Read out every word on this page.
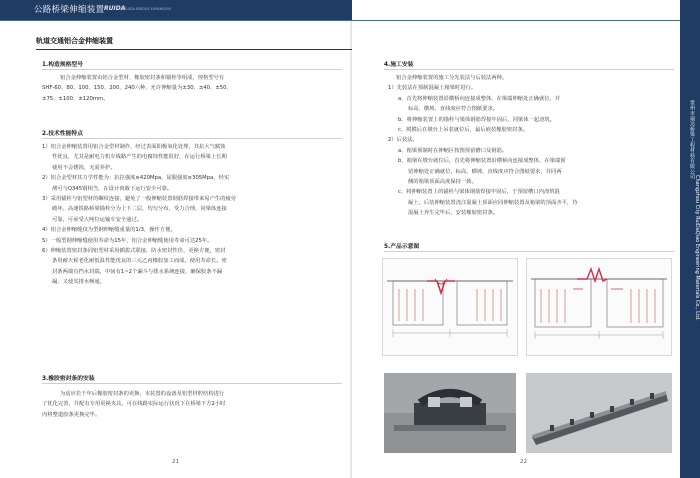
公路桥梁伸缩装置 RUIDA
RUIDA BRIDGE EXPANSION
轨道交通铝合金伸缩装置
1.构造规格型号
铝合金伸缩装置由铝合金型材、橡胶密封条和锚栓等组成，规格型号有
SHF-60、80、100、150、200、240六种，允许伸缩量为±30、±40、±50、
±75、±100、±120mm。
2.技术性能特点
1）铝合金伸缩装置用铝合金型材制作，经过表面阳极氧化处理，其抗大气腐蚀
性优良，尤其是耐电力机车线路产生的电腐蚀性能很好，在运行桥梁上长期
使用不会锈蚀，无需养护。
2）铝合金型材其力学性能为：抗拉强度≥420Mpa，屈服强度≥305Mpa，经实
测可与Q345钢相当，在设计荷载下运行安全可靠。
3）采用锚栓与铝型材的螺纹连接，避免了一般伸缩装置钢筋焊接带来易产生的疲劳
破坏。高速铁路桥梁锚栓分为上下二层，均匀分布，受力合理，同梁体连接
可靠，可承受大吨位运输车安全通过。
4）铝合金伸缩缝仅为型钢伸缩缝重量的1/3，操作方便。
5）一般型钢伸缩缝使用寿命为15年，铝合金伸缩缝使用寿命可达25年。
6）伸缩装置密封条同铝型材采用插拔式联接，防水密封性佳，更换方便，密封
条用耐天候老化耐低温性能优良的三元乙丙橡胶加工而成，使用寿命长。密
封条两端有挡水封端，中间有1~2个漏斗与排水系统连接，确保胶条不漏
漏，又使其排水畅通。
3.橡胶密封条的安装
为适应若干年后橡胶密封条的更换，本装置的设备及铝型材腔结构进行
了优化完善，并配有专用更换夹具，可在线路实际运行状况下在桥梁下方2小时
内将整道胶条更换完毕。
21
4.施工安装
铝合金伸缩装置的施工分先装法与后装法两种。
1）先装法在预制混凝土箱梁时进行。
a、首先将伸缩装置沿横桥向连接成整体，在梁端伸缩处正确就位，并
标高、横坡、直线度应符合图纸要求。
b、将伸缩装置上的锚栓与梁体钢筋焊接牢固后，同梁体一起浇筑。
c、脱模后在墩台上吊装就位后，最后嵌装橡胶密封条。
2）后装法。
a、箱梁预制时在伸缩区按图预留槽口及钢筋。
b、箱梁在墩台就位后，首先将伸缩装置沿横桥向连接成整体，在梁端预
留伸缩处正确就位，标高、横坡、直线度应符合图纸要求，并同两
侧的箱梁顶面高度保持一致。
c、将伸缩装置上的锚栓与梁体钢筋焊接牢固后，于预留槽口内浇筑混
凝土，后装伸缩装置浇注混凝土顶面应同伸缩装置及箱梁的顶面齐平，待
混凝土养生完毕后，安装橡胶密封条。
5.产品示意图
22
常州市瑞达桥梁工程材料有限公司
Changzhou City RuiDaQiao Engineering Materials Co., Ltd.
